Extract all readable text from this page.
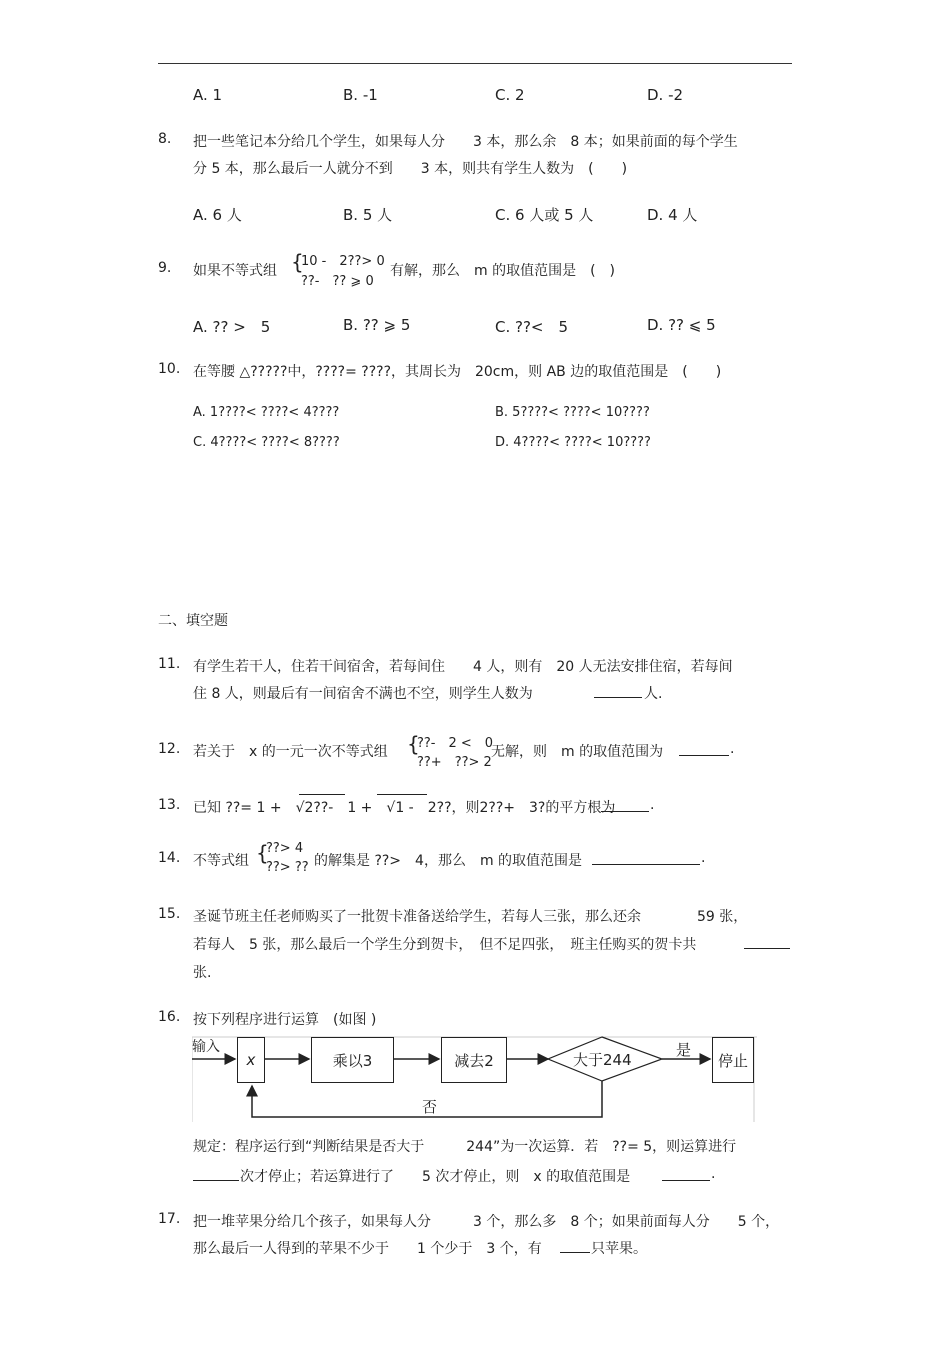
A. 1	B. -1	C. 2	D. -2
8. 把一些笔记本分给几个学生，如果每人分　　3 本，那么余　8 本；如果前面的每个学生
分 5 本，那么最后一人就分不到　　3 本，则共有学生人数为　(　　)
A. 6 人	B. 5 人	C. 6 人或 5 人	D. 4 人
9. 如果不等式组 {
10 -　2??> 0
??-　?? ⩾ 0
有解，那么　m 的取值范围是　(　)
A. ?? >　5	B. ?? ⩾ 5	C. ??<　5	D. ?? ⩽ 5
10. 在等腰 △?????中，????= ????，其周长为　20cm，则 AB 边的取值范围是　(　　)
A. 1????< ????< 4????	B. 5????< ????< 10????
C. 4????< ????< 8????	D. 4????< ????< 10????
二、填空题
11. 有学生若干人，住若干间宿舍，若每间住　　4 人，则有　20 人无法安排住宿，若每间
住 8 人，则最后有一间宿舍不满也不空，则学生人数为	人.
12. 若关于　x 的一元一次不等式组 {
??-　2 <　0
??+　??> 2
无解，则　m 的取值范围为	.
13. 已知 ??= 1 +　√2??-　1 +　√1 -　2??，则2??+　3?的平方根为 .
14. 不等式组 {
??> 4
??> ?? 的解集是 ??>　4，那么　m 的取值范围是	.
15. 圣诞节班主任老师购买了一批贺卡准备送给学生，若每人三张，那么还余　　　　59 张，
若每人　5 张，那么最后一个学生分到贺卡，　但不足四张，　班主任购买的贺卡共
张.
16. 按下列程序进行运算　(如图 )
输入
x	乘以3	减去2	大于244
是
停止
否
规定：程序运行到“判断结果是否大于　　　244”为一次运算．若　??= 5，则运算进行
次才停止；若运算进行了　　5 次才停止，则　x 的取值范围是	.
17. 把一堆苹果分给几个孩子，如果每人分　　　3 个，那么多　8 个；如果前面每人分　　5 个，
那么最后一人得到的苹果不少于　　1 个少于　3 个，有	只苹果。
